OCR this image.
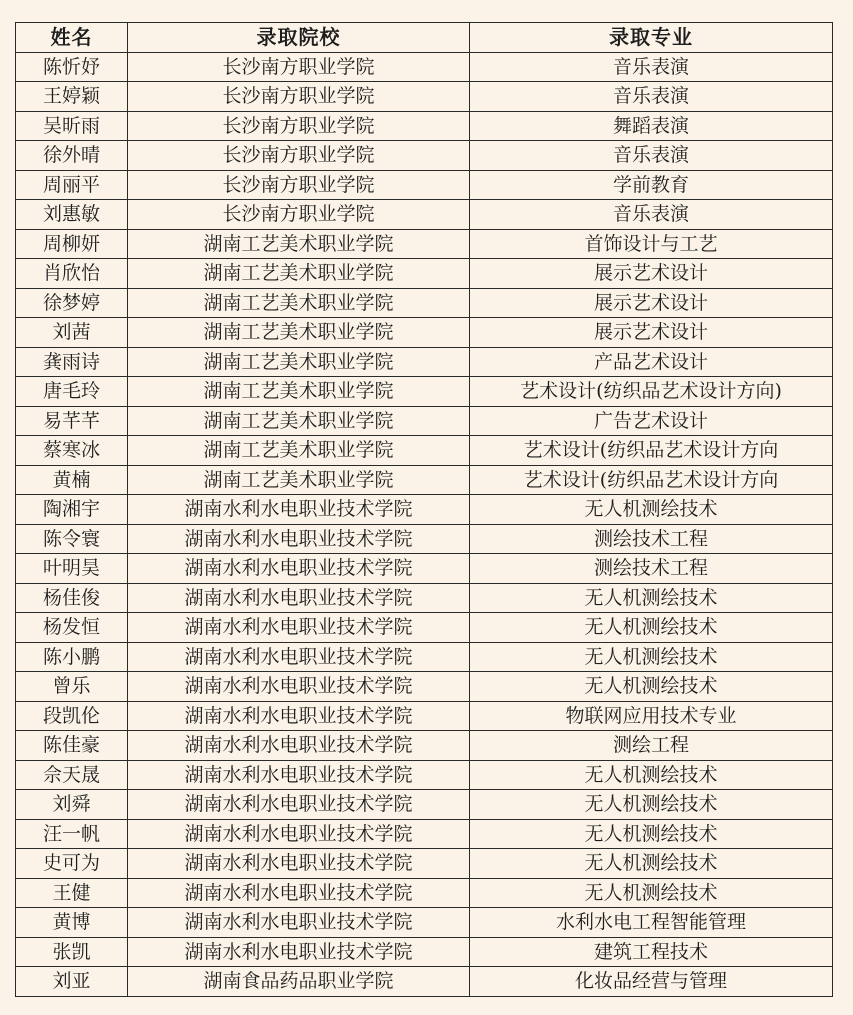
姓名	录取院校	录取专业
陈忻妤	长沙南方职业学院	音乐表演
王婷颖	长沙南方职业学院	音乐表演
吴昕雨	长沙南方职业学院	舞蹈表演
徐外晴	长沙南方职业学院	音乐表演
周丽平	长沙南方职业学院	学前教育
刘惠敏	长沙南方职业学院	音乐表演
周柳妍	湖南工艺美术职业学院	首饰设计与工艺
肖欣怡	湖南工艺美术职业学院	展示艺术设计
徐梦婷	湖南工艺美术职业学院	展示艺术设计
刘茜	湖南工艺美术职业学院	展示艺术设计
龚雨诗	湖南工艺美术职业学院	产品艺术设计
唐毛玲	湖南工艺美术职业学院	艺术设计(纺织品艺术设计方向)
易芊芊	湖南工艺美术职业学院	广告艺术设计
蔡寒冰	湖南工艺美术职业学院	艺术设计(纺织品艺术设计方向
黄楠	湖南工艺美术职业学院	艺术设计(纺织品艺术设计方向
陶湘宇	湖南水利水电职业技术学院	无人机测绘技术
陈令寰	湖南水利水电职业技术学院	测绘技术工程
叶明昊	湖南水利水电职业技术学院	测绘技术工程
杨佳俊	湖南水利水电职业技术学院	无人机测绘技术
杨发恒	湖南水利水电职业技术学院	无人机测绘技术
陈小鹏	湖南水利水电职业技术学院	无人机测绘技术
曾乐	湖南水利水电职业技术学院	无人机测绘技术
段凯伦	湖南水利水电职业技术学院	物联网应用技术专业
陈佳豪	湖南水利水电职业技术学院	测绘工程
佘天晟	湖南水利水电职业技术学院	无人机测绘技术
刘舜	湖南水利水电职业技术学院	无人机测绘技术
汪一帆	湖南水利水电职业技术学院	无人机测绘技术
史可为	湖南水利水电职业技术学院	无人机测绘技术
王健	湖南水利水电职业技术学院	无人机测绘技术
黄博	湖南水利水电职业技术学院	水利水电工程智能管理
张凯	湖南水利水电职业技术学院	建筑工程技术
刘亚	湖南食品药品职业学院	化妆品经营与管理
